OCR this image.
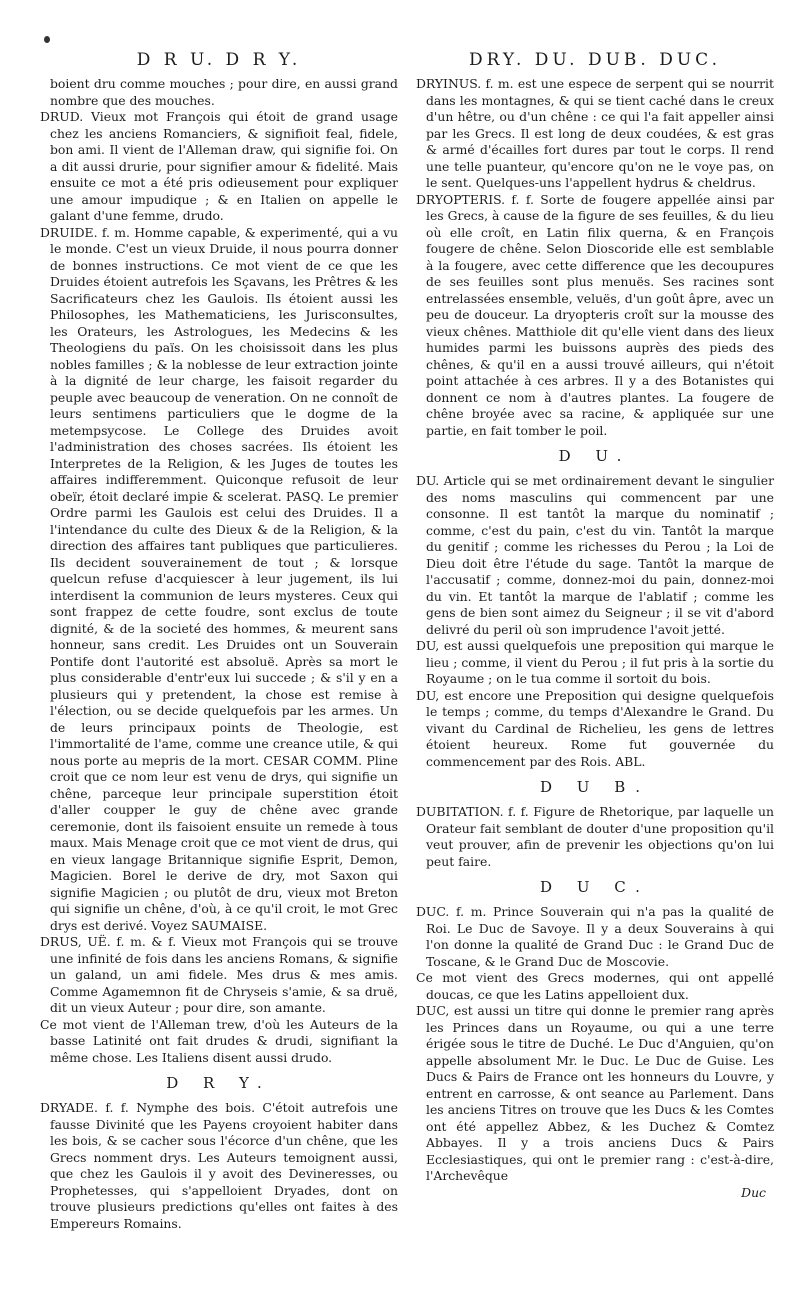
D R U. D R Y.

boient dru comme mouches ; pour dire, en aussi grand nombre que des mouches.

DRUD. Vieux mot François qui étoit de grand usage chez les anciens Romanciers, & signifioit feal, fidele, bon ami. Il vient de l'Alleman draw, qui signifie foi. On a dit aussi drurie, pour signifier amour & fidelité. Mais ensuite ce mot a été pris odieusement pour expliquer une amour impudique ; & en Italien on appelle le galant d'une femme, drudo.

DRUIDE. f. m. Homme capable, & experimenté, qui a vu le monde. C'est un vieux Druide, il nous pourra donner de bonnes instructions. Ce mot vient de ce que les Druides étoient autrefois les Sçavans, les Prêtres & les Sacrificateurs chez les Gaulois. Ils étoient aussi les Philosophes, les Mathematiciens, les Jurisconsultes, les Orateurs, les Astrologues, les Medecins & les Theologiens du païs. On les choisissoit dans les plus nobles familles ; & la noblesse de leur extraction jointe à la dignité de leur charge, les faisoit regarder du peuple avec beaucoup de veneration. On ne connoît de leurs sentimens particuliers que le dogme de la metempsycose. Le College des Druides avoit l'administration des choses sacrées. Ils étoient les Interpretes de la Religion, & les Juges de toutes les affaires indifferemment. Quiconque refusoit de leur obeïr, étoit declaré impie & scelerat. PASQ. Le premier Ordre parmi les Gaulois est celui des Druides. Il a l'intendance du culte des Dieux & de la Religion, & la direction des affaires tant publiques que particulieres. Ils decident souverainement de tout ; & lorsque quelcun refuse d'acquiescer à leur jugement, ils lui interdisent la communion de leurs mysteres. Ceux qui sont frappez de cette foudre, sont exclus de toute dignité, & de la societé des hommes, & meurent sans honneur, sans credit. Les Druides ont un Souverain Pontife dont l'autorité est absoluë. Après sa mort le plus considerable d'entr'eux lui succede ; & s'il y en a plusieurs qui y pretendent, la chose est remise à l'élection, ou se decide quelquefois par les armes. Un de leurs principaux points de Theologie, est l'immortalité de l'ame, comme une creance utile, & qui nous porte au mepris de la mort. CESAR COMM. Pline croit que ce nom leur est venu de drys, qui signifie un chêne, parceque leur principale superstition étoit d'aller coupper le guy de chêne avec grande ceremonie, dont ils faisoient ensuite un remede à tous maux. Mais Menage croit que ce mot vient de drus, qui en vieux langage Britannique signifie Esprit, Demon, Magicien. Borel le derive de dry, mot Saxon qui signifie Magicien ; ou plutôt de dru, vieux mot Breton qui signifie un chêne, d'où, à ce qu'il croit, le mot Grec drys est derivé. Voyez SAUMAISE.

DRUS, UË. f. m. & f. Vieux mot François qui se trouve une infinité de fois dans les anciens Romans, & signifie un galand, un ami fidele. Mes drus & mes amis. Comme Agamemnon fit de Chryseis s'amie, & sa druë, dit un vieux Auteur ; pour dire, son amante.

Ce mot vient de l'Alleman trew, d'où les Auteurs de la basse Latinité ont fait drudes & drudi, signifiant la même chose. Les Italiens disent aussi drudo.

D R Y.

DRYADE. f. f. Nymphe des bois. C'étoit autrefois une fausse Divinité que les Payens croyoient habiter dans les bois, & se cacher sous l'écorce d'un chêne, que les Grecs nomment drys. Les Auteurs temoignent aussi, que chez les Gaulois il y avoit des Devineresses, ou Prophetesses, qui s'appelloient Dryades, dont on trouve plusieurs predictions qu'elles ont faites à des Empereurs Romains.

DRY. DU. DUB. DUC.

DRYINUS. f. m. est une espece de serpent qui se nourrit dans les montagnes, & qui se tient caché dans le creux d'un hêtre, ou d'un chêne : ce qui l'a fait appeller ainsi par les Grecs. Il est long de deux coudées, & est gras & armé d'écailles fort dures par tout le corps. Il rend une telle puanteur, qu'encore qu'on ne le voye pas, on le sent. Quelques-uns l'appellent hydrus & cheldrus.

DRYOPTERIS. f. f. Sorte de fougere appellée ainsi par les Grecs, à cause de la figure de ses feuilles, & du lieu où elle croît, en Latin filix querna, & en François fougere de chêne. Selon Dioscoride elle est semblable à la fougere, avec cette difference que les decoupures de ses feuilles sont plus menuës. Ses racines sont entrelassées ensemble, veluës, d'un goût âpre, avec un peu de douceur. La dryopteris croît sur la mousse des vieux chênes. Matthiole dit qu'elle vient dans des lieux humides parmi les buissons auprès des pieds des chênes, & qu'il en a aussi trouvé ailleurs, qui n'étoit point attachée à ces arbres. Il y a des Botanistes qui donnent ce nom à d'autres plantes. La fougere de chêne broyée avec sa racine, & appliquée sur une partie, en fait tomber le poil.

D U.

DU. Article qui se met ordinairement devant le singulier des noms masculins qui commencent par une consonne. Il est tantôt la marque du nominatif ; comme, c'est du pain, c'est du vin. Tantôt la marque du genitif ; comme les richesses du Perou ; la Loi de Dieu doit être l'étude du sage. Tantôt la marque de l'accusatif ; comme, donnez-moi du pain, donnez-moi du vin. Et tantôt la marque de l'ablatif ; comme les gens de bien sont aimez du Seigneur ; il se vit d'abord delivré du peril où son imprudence l'avoit jetté.

DU, est aussi quelquefois une preposition qui marque le lieu ; comme, il vient du Perou ; il fut pris à la sortie du Royaume ; on le tua comme il sortoit du bois.

DU, est encore une Preposition qui designe quelquefois le temps ; comme, du temps d'Alexandre le Grand. Du vivant du Cardinal de Richelieu, les gens de lettres étoient heureux. Rome fut gouvernée du commencement par des Rois. ABL.

D U B.

DUBITATION. f. f. Figure de Rhetorique, par laquelle un Orateur fait semblant de douter d'une proposition qu'il veut prouver, afin de prevenir les objections qu'on lui peut faire.

D U C.

DUC. f. m. Prince Souverain qui n'a pas la qualité de Roi. Le Duc de Savoye. Il y a deux Souverains à qui l'on donne la qualité de Grand Duc : le Grand Duc de Toscane, & le Grand Duc de Moscovie.

Ce mot vient des Grecs modernes, qui ont appellé doucas, ce que les Latins appelloient dux.

DUC, est aussi un titre qui donne le premier rang après les Princes dans un Royaume, ou qui a une terre érigée sous le titre de Duché. Le Duc d'Anguien, qu'on appelle absolument Mr. le Duc. Le Duc de Guise. Les Ducs & Pairs de France ont les honneurs du Louvre, y entrent en carrosse, & ont seance au Parlement. Dans les anciens Titres on trouve que les Ducs & les Comtes ont été appellez Abbez, & les Duchez & Comtez Abbayes. Il y a trois anciens Ducs & Pairs Ecclesiastiques, qui ont le premier rang : c'est-à-dire, l'Archevêque

Duc
